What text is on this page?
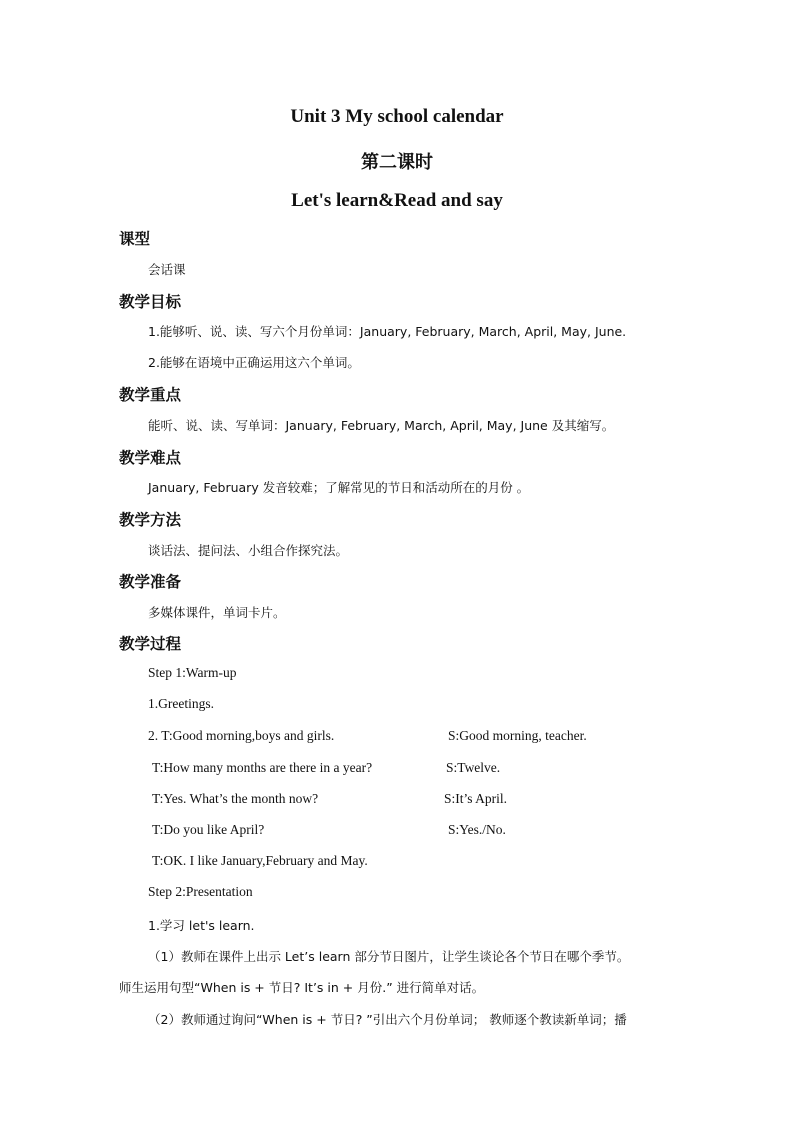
Unit 3 My school calendar
第二课时
Let's learn&Read and say
课型
会话课
教学目标
1.能够听、说、读、写六个月份单词：January, February, March, April, May, June.
2.能够在语境中正确运用这六个单词。
教学重点
能听、说、读、写单词：January, February, March, April, May, June 及其缩写。
教学难点
January, February 发音较难；了解常见的节日和活动所在的月份 。
教学方法
谈话法、提问法、小组合作探究法。
教学准备
多媒体课件，单词卡片。
教学过程
Step 1:Warm-up
1.Greetings.
2. T:Good morning,boys and girls.	S:Good morning, teacher.
T:How many months are there in a year?	S:Twelve.
T:Yes. What’s the month now?	S:It’s April.
T:Do you like April?	S:Yes./No.
T:OK. I like January,February and May.
Step 2:Presentation
1.学习 let's learn.
（1）教师在课件上出示 Let’s learn 部分节日图片，让学生谈论各个节日在哪个季节。
师生运用句型“When is + 节日? It’s in + 月份.” 进行简单对话。
（2）教师通过询问“When is + 节日? ”引出六个月份单词； 教师逐个教读新单词；播
